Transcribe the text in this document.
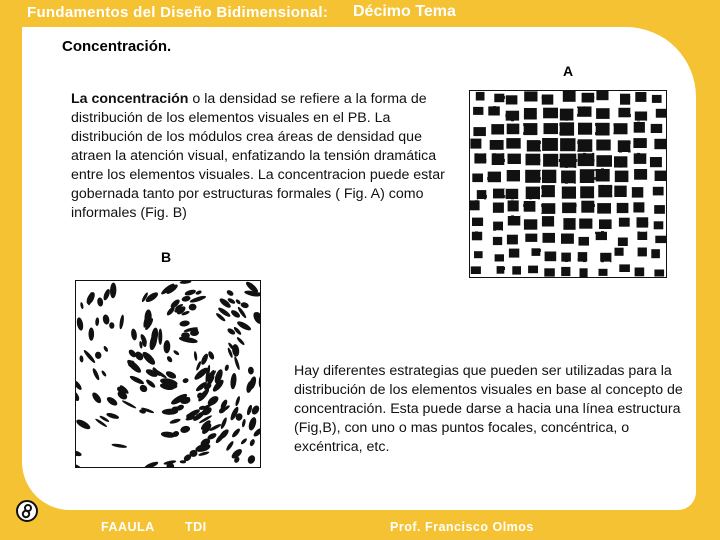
Fundamentos del Diseño Bidimensional: Décimo Tema
Concentración.
La concentración o la densidad se refiere a la forma de distribución de los elementos visuales en el PB. La distribución de los módulos crea áreas de densidad que atraen la atención visual, enfatizando la tensión dramática entre los elementos visuales. La concentracion puede estar gobernada tanto por estructuras formales ( Fig. A) como informales (Fig. B)
A
B
Hay diferentes estrategias que pueden ser utilizadas para la distribución de los elementos visuales en base al concepto de concentración. Esta puede darse a hacia una línea estructura (Fig,B), con uno o mas puntos focales, concéntrica, o excéntrica, etc.
FAAULA TDI	Prof. Francisco Olmos
